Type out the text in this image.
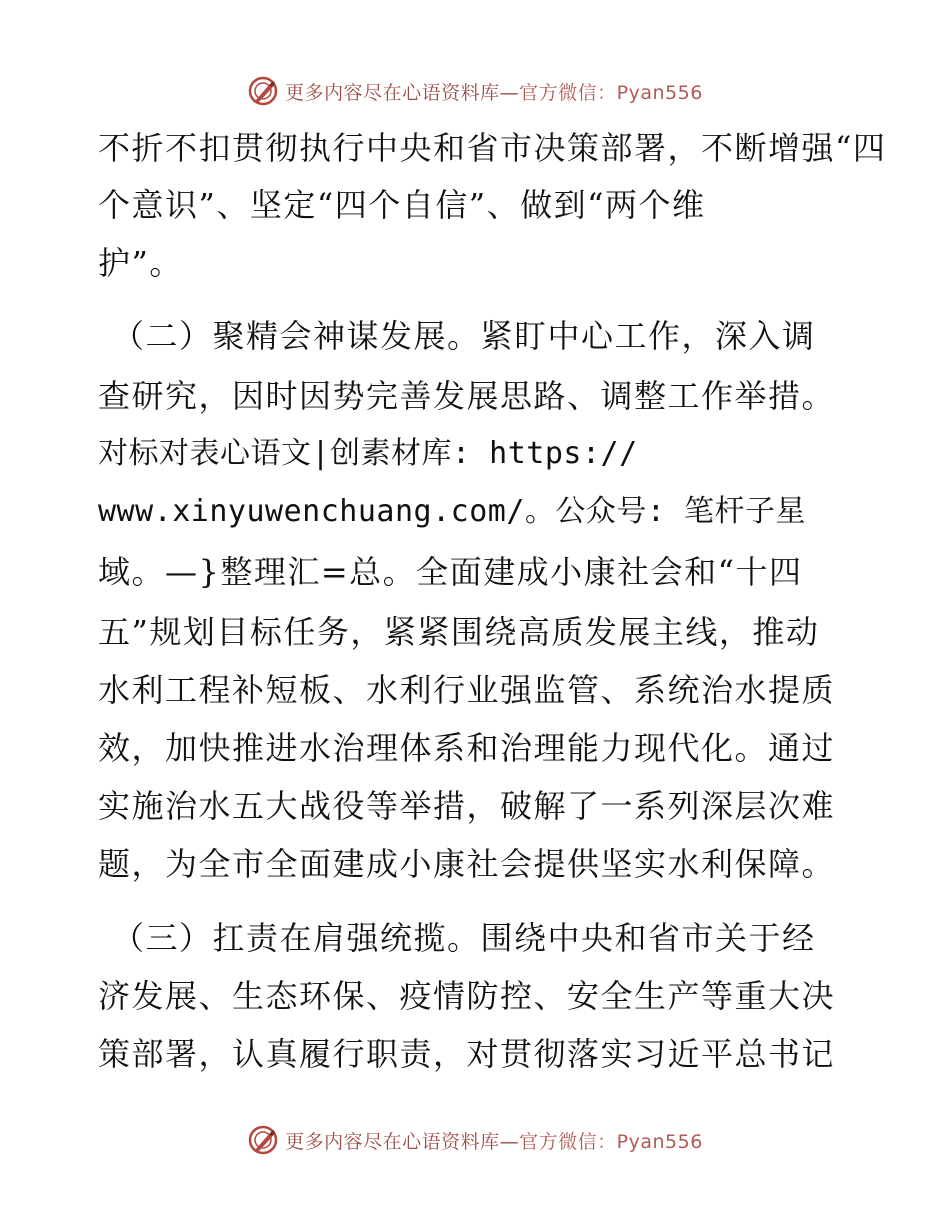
更多内容尽在心语资料库—官方微信：Pyan556
不折不扣贯彻执行中央和省市决策部署，不断增强“四
个意识”、坚定“四个自信”、做到“两个维
护”。
（二）聚精会神谋发展。紧盯中心工作，深入调
查研究，因时因势完善发展思路、调整工作举措。
对标对表心语文|创素材库: https://
www.xinyuwenchuang.com/。公众号: 笔杆子星
域。—}整理汇=总。全面建成小康社会和“十四
五”规划目标任务，紧紧围绕高质发展主线，推动
水利工程补短板、水利行业强监管、系统治水提质
效，加快推进水治理体系和治理能力现代化。通过
实施治水五大战役等举措，破解了一系列深层次难
题，为全市全面建成小康社会提供坚实水利保障。
（三）扛责在肩强统揽。围绕中央和省市关于经
济发展、生态环保、疫情防控、安全生产等重大决
策部署，认真履行职责，对贯彻落实习近平总书记
更多内容尽在心语资料库—官方微信：Pyan556
